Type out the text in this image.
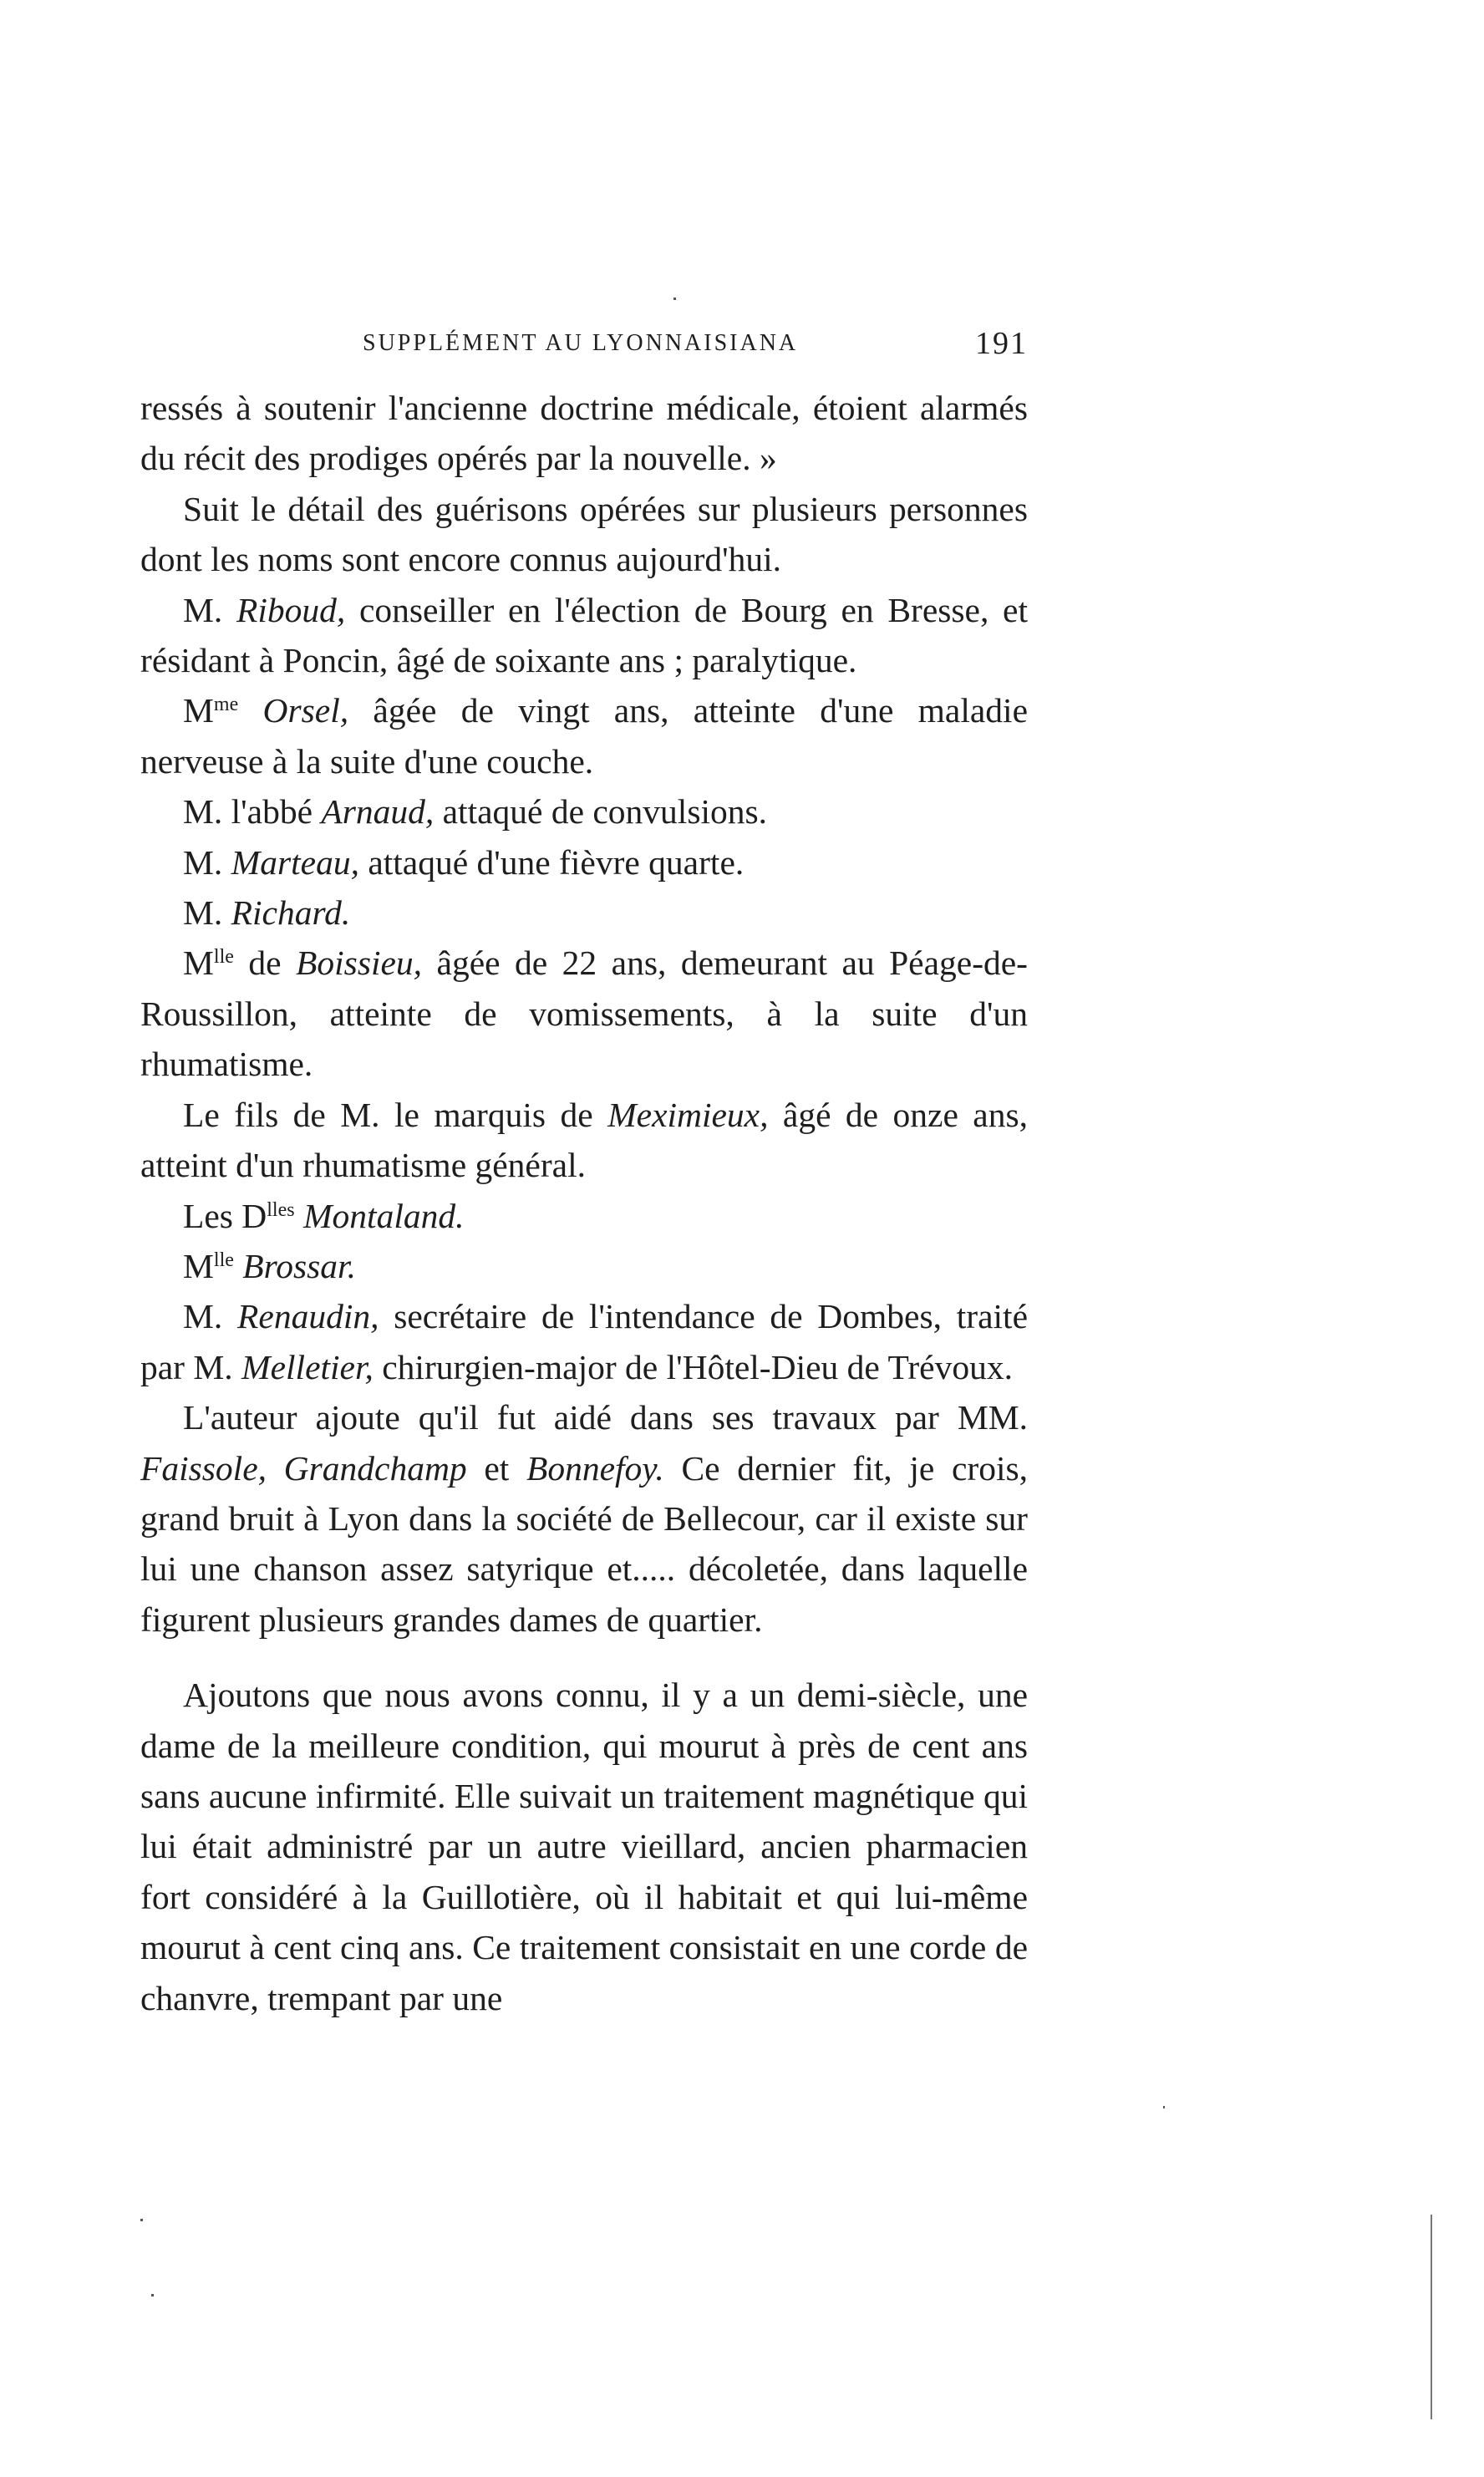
SUPPLÉMENT AU LYONNAISIANA	191

ressés à soutenir l'ancienne doctrine médicale, étoient alarmés du récit des prodiges opérés par la nouvelle. »

Suit le détail des guérisons opérées sur plusieurs personnes dont les noms sont encore connus aujourd'hui.

M. Riboud, conseiller en l'élection de Bourg en Bresse, et résidant à Poncin, âgé de soixante ans ; paralytique.

$M^{me}$ Orsel, âgée de vingt ans, atteinte d'une maladie nerveuse à la suite d'une couche.

M. l'abbé Arnaud, attaqué de convulsions.

M. Marteau, attaqué d'une fièvre quarte.

M. Richard.

$M^{lle}$ de Boissieu, âgée de 22 ans, demeurant au Péage-de-Roussillon, atteinte de vomissements, à la suite d'un rhumatisme.

Le fils de M. le marquis de Meximieux, âgé de onze ans, atteint d'un rhumatisme général.

Les $D^{lles}$ Montaland.

$M^{lle}$ Brossar.

M. Renaudin, secrétaire de l'intendance de Dombes, traité par M. Melletier, chirurgien-major de l'Hôtel-Dieu de Trévoux.

L'auteur ajoute qu'il fut aidé dans ses travaux par MM. Faissole, Grandchamp et Bonnefoy. Ce dernier fit, je crois, grand bruit à Lyon dans la société de Bellecour, car il existe sur lui une chanson assez satyrique et..... décoletée, dans laquelle figurent plusieurs grandes dames de quartier.

Ajoutons que nous avons connu, il y a un demi-siècle, une dame de la meilleure condition, qui mourut à près de cent ans sans aucune infirmité. Elle suivait un traitement magnétique qui lui était administré par un autre vieillard, ancien pharmacien fort considéré à la Guillotière, où il habitait et qui lui-même mourut à cent cinq ans. Ce traitement consistait en une corde de chanvre, trempant par une
